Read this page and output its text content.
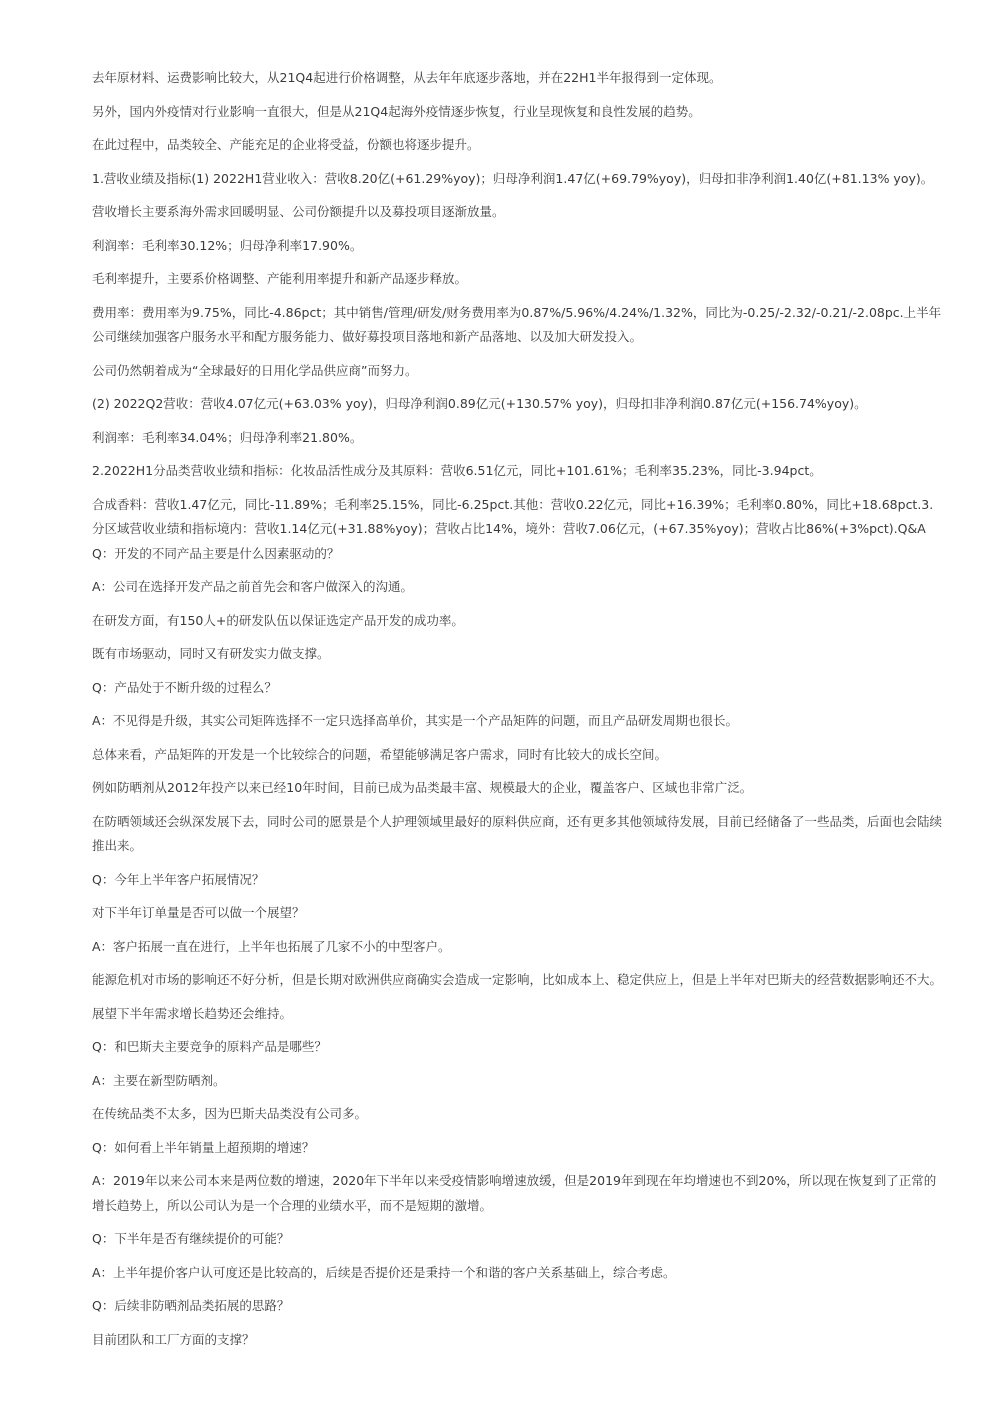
去年原材料、运费影响比较大，从21Q4起进行价格调整，从去年年底逐步落地，并在22H1半年报得到一定体现。

另外，国内外疫情对行业影响一直很大，但是从21Q4起海外疫情逐步恢复，行业呈现恢复和良性发展的趋势。

在此过程中，品类较全、产能充足的企业将受益，份额也将逐步提升。

1.营收业绩及指标(1) 2022H1营业收入：营收8.20亿(+61.29%yoy)；归母净利润1.47亿(+69.79%yoy)，归母扣非净利润1.40亿(+81.13% yoy)。

营收增长主要系海外需求回暖明显、公司份额提升以及募投项目逐渐放量。

利润率：毛利率30.12%；归母净利率17.90%。

毛利率提升，主要系价格调整、产能利用率提升和新产品逐步释放。

费用率：费用率为9.75%，同比-4.86pct；其中销售/管理/研发/财务费用率为0.87%/5.96%/4.24%/1.32%，同比为-0.25/-2.32/-0.21/-2.08pc.上半年公司继续加强客户服务水平和配方服务能力、做好募投项目落地和新产品落地、以及加大研发投入。

公司仍然朝着成为“全球最好的日用化学品供应商”而努力。

(2) 2022Q2营收：营收4.07亿元(+63.03% yoy)，归母净利润0.89亿元(+130.57% yoy)，归母扣非净利润0.87亿元(+156.74%yoy)。

利润率：毛利率34.04%；归母净利率21.80%。

2.2022H1分品类营收业绩和指标：化妆品活性成分及其原料：营收6.51亿元，同比+101.61%；毛利率35.23%，同比-3.94pct。

合成香料：营收1.47亿元，同比-11.89%；毛利率25.15%，同比-6.25pct.其他：营收0.22亿元，同比+16.39%；毛利率0.80%，同比+18.68pct.3.分区域营收业绩和指标境内：营收1.14亿元(+31.88%yoy)；营收占比14%，境外：营收7.06亿元，(+67.35%yoy)；营收占比86%(+3%pct).Q&AQ：开发的不同产品主要是什么因素驱动的？

A：公司在选择开发产品之前首先会和客户做深入的沟通。

在研发方面，有150人+的研发队伍以保证选定产品开发的成功率。

既有市场驱动，同时又有研发实力做支撑。

Q：产品处于不断升级的过程么？

A：不见得是升级，其实公司矩阵选择不一定只选择高单价，其实是一个产品矩阵的问题，而且产品研发周期也很长。

总体来看，产品矩阵的开发是一个比较综合的问题，希望能够满足客户需求，同时有比较大的成长空间。

例如防晒剂从2012年投产以来已经10年时间，目前已成为品类最丰富、规模最大的企业，覆盖客户、区域也非常广泛。

在防晒领域还会纵深发展下去，同时公司的愿景是个人护理领域里最好的原料供应商，还有更多其他领域待发展，目前已经储备了一些品类，后面也会陆续推出来。

Q：今年上半年客户拓展情况？

对下半年订单量是否可以做一个展望？

A：客户拓展一直在进行，上半年也拓展了几家不小的中型客户。

能源危机对市场的影响还不好分析，但是长期对欧洲供应商确实会造成一定影响，比如成本上、稳定供应上，但是上半年对巴斯夫的经营数据影响还不大。

展望下半年需求增长趋势还会维持。

Q：和巴斯夫主要竞争的原料产品是哪些？

A：主要在新型防晒剂。

在传统品类不太多，因为巴斯夫品类没有公司多。

Q：如何看上半年销量上超预期的增速？

A：2019年以来公司本来是两位数的增速，2020年下半年以来受疫情影响增速放缓，但是2019年到现在年均增速也不到20%，所以现在恢复到了正常的增长趋势上，所以公司认为是一个合理的业绩水平，而不是短期的激增。

Q：下半年是否有继续提价的可能？

A：上半年提价客户认可度还是比较高的，后续是否提价还是秉持一个和谐的客户关系基础上，综合考虑。

Q：后续非防晒剂品类拓展的思路？

目前团队和工厂方面的支撑？
